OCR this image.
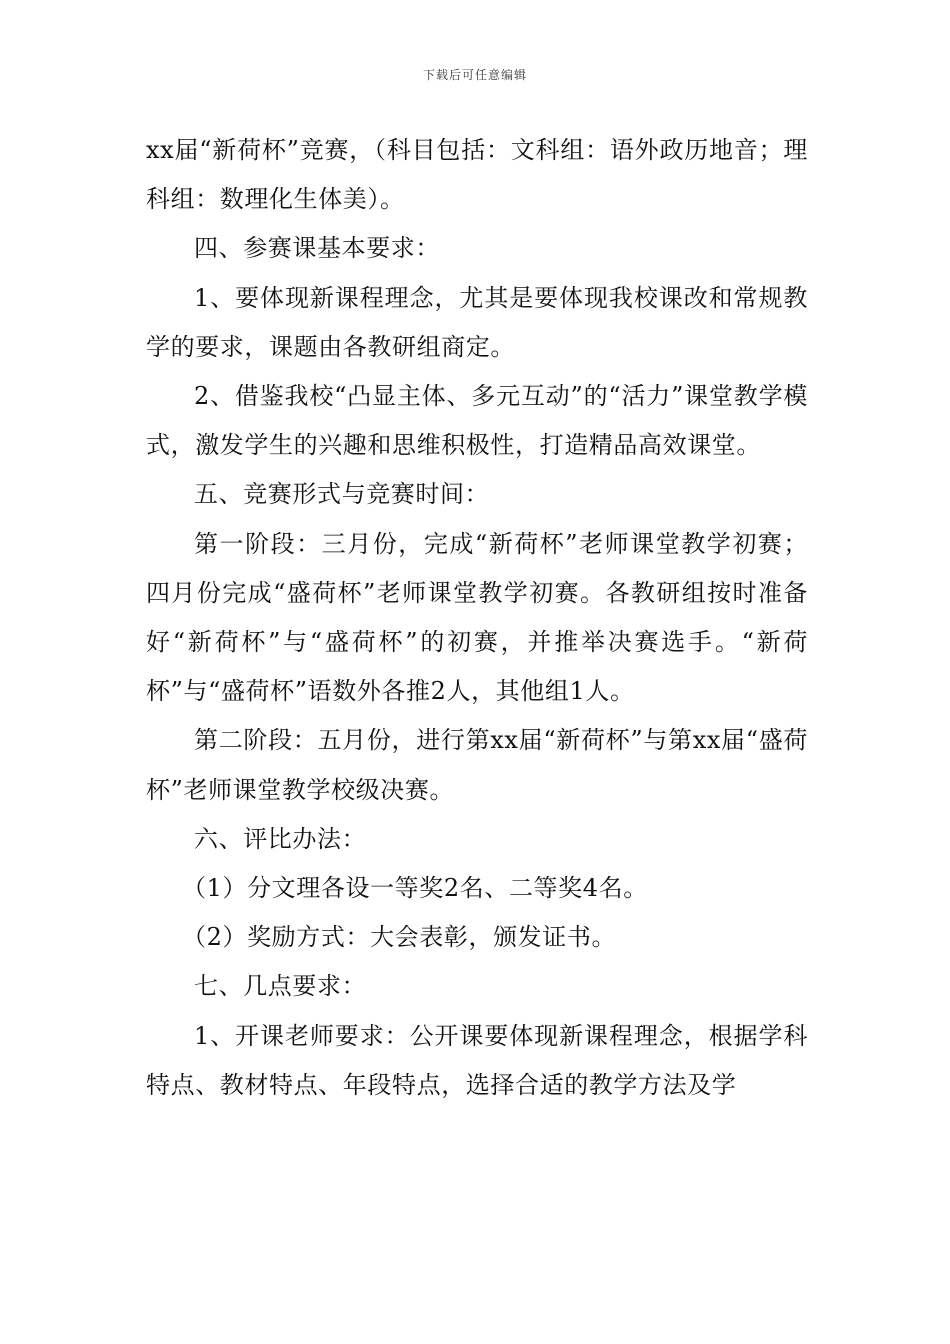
下载后可任意编辑

xx届“新荷杯”竞赛，（科目包括：文科组：语外政历地音；理科组：数理化生体美）。

四、参赛课基本要求：

1、要体现新课程理念，尤其是要体现我校课改和常规教学的要求，课题由各教研组商定。

2、借鉴我校“凸显主体、多元互动”的“活力”课堂教学模式，激发学生的兴趣和思维积极性，打造精品高效课堂。

五、竞赛形式与竞赛时间：

第一阶段：三月份，完成“新荷杯”老师课堂教学初赛；四月份完成“盛荷杯”老师课堂教学初赛。各教研组按时准备好“新荷杯”与“盛荷杯”的初赛，并推举决赛选手。“新荷杯”与“盛荷杯”语数外各推2人，其他组1人。

第二阶段：五月份，进行第xx届“新荷杯”与第xx届“盛荷杯”老师课堂教学校级决赛。

六、评比办法：

（1）分文理各设一等奖2名、二等奖4名。

（2）奖励方式：大会表彰，颁发证书。

七、几点要求：

1、开课老师要求：公开课要体现新课程理念，根据学科特点、教材特点、年段特点，选择合适的教学方法及学
